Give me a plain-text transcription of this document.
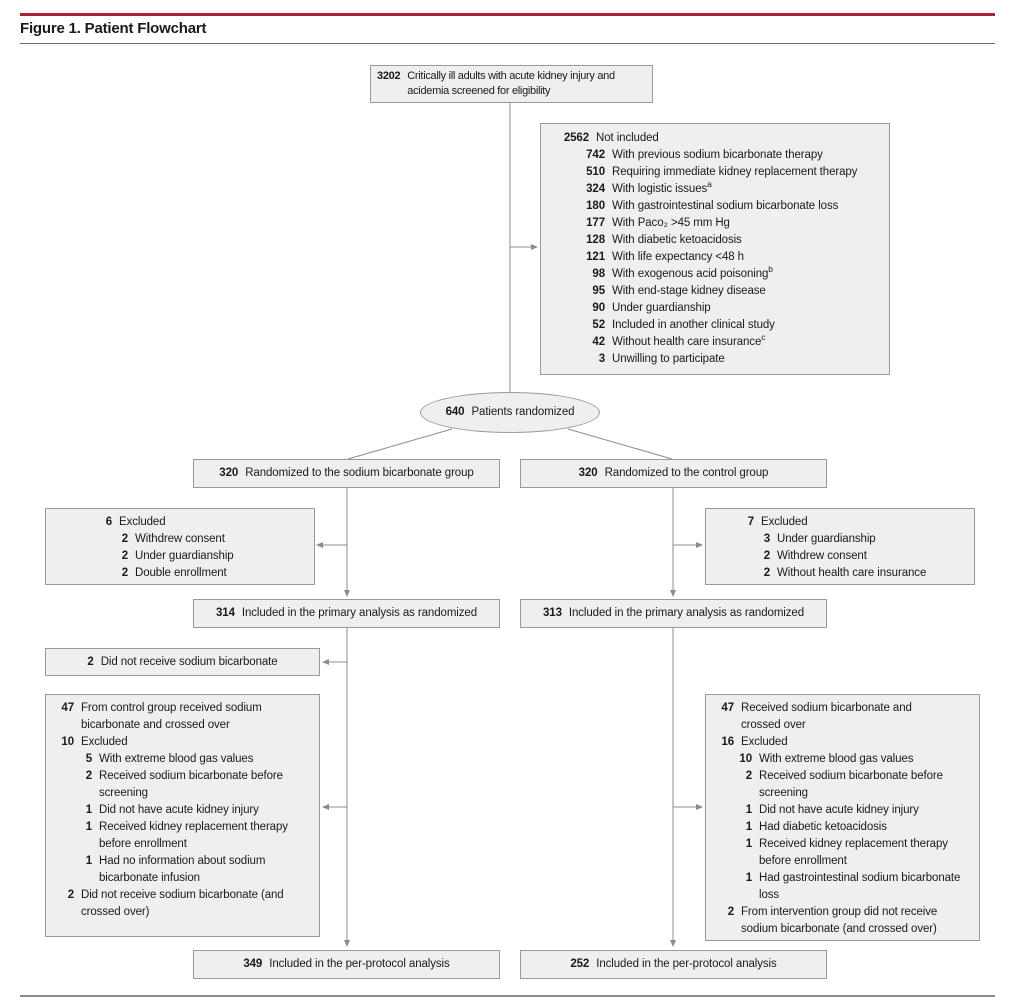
Figure 1. Patient Flowchart
3202 Critically ill adults with acute kidney injury and acidemia screened for eligibility
2562 Not included
742 With previous sodium bicarbonate therapy
510 Requiring immediate kidney replacement therapy
324 With logistic issues$^a$
180 With gastrointestinal sodium bicarbonate loss
177 With Paco₂ >45 mm Hg
128 With diabetic ketoacidosis
121 With life expectancy <48 h
98 With exogenous acid poisoning$^b$
95 With end-stage kidney disease
90 Under guardianship
52 Included in another clinical study
42 Without health care insurance$^c$
3 Unwilling to participate
640 Patients randomized
320 Randomized to the sodium bicarbonate group	320 Randomized to the control group
6 Excluded
2 Withdrew consent
2 Under guardianship
2 Double enrollment
7 Excluded
3 Under guardianship
2 Withdrew consent
2 Without health care insurance
314 Included in the primary analysis as randomized	313 Included in the primary analysis as randomized
2 Did not receive sodium bicarbonate
47 From control group received sodium bicarbonate and crossed over
10 Excluded
5 With extreme blood gas values
2 Received sodium bicarbonate before screening
1 Did not have acute kidney injury
1 Received kidney replacement therapy before enrollment
1 Had no information about sodium bicarbonate infusion
2 Did not receive sodium bicarbonate (and crossed over)
47 Received sodium bicarbonate and crossed over
16 Excluded
10 With extreme blood gas values
2 Received sodium bicarbonate before screening
1 Did not have acute kidney injury
1 Had diabetic ketoacidosis
1 Received kidney replacement therapy before enrollment
1 Had gastrointestinal sodium bicarbonate loss
2 From intervention group did not receive sodium bicarbonate (and crossed over)
349 Included in the per-protocol analysis	252 Included in the per-protocol analysis
